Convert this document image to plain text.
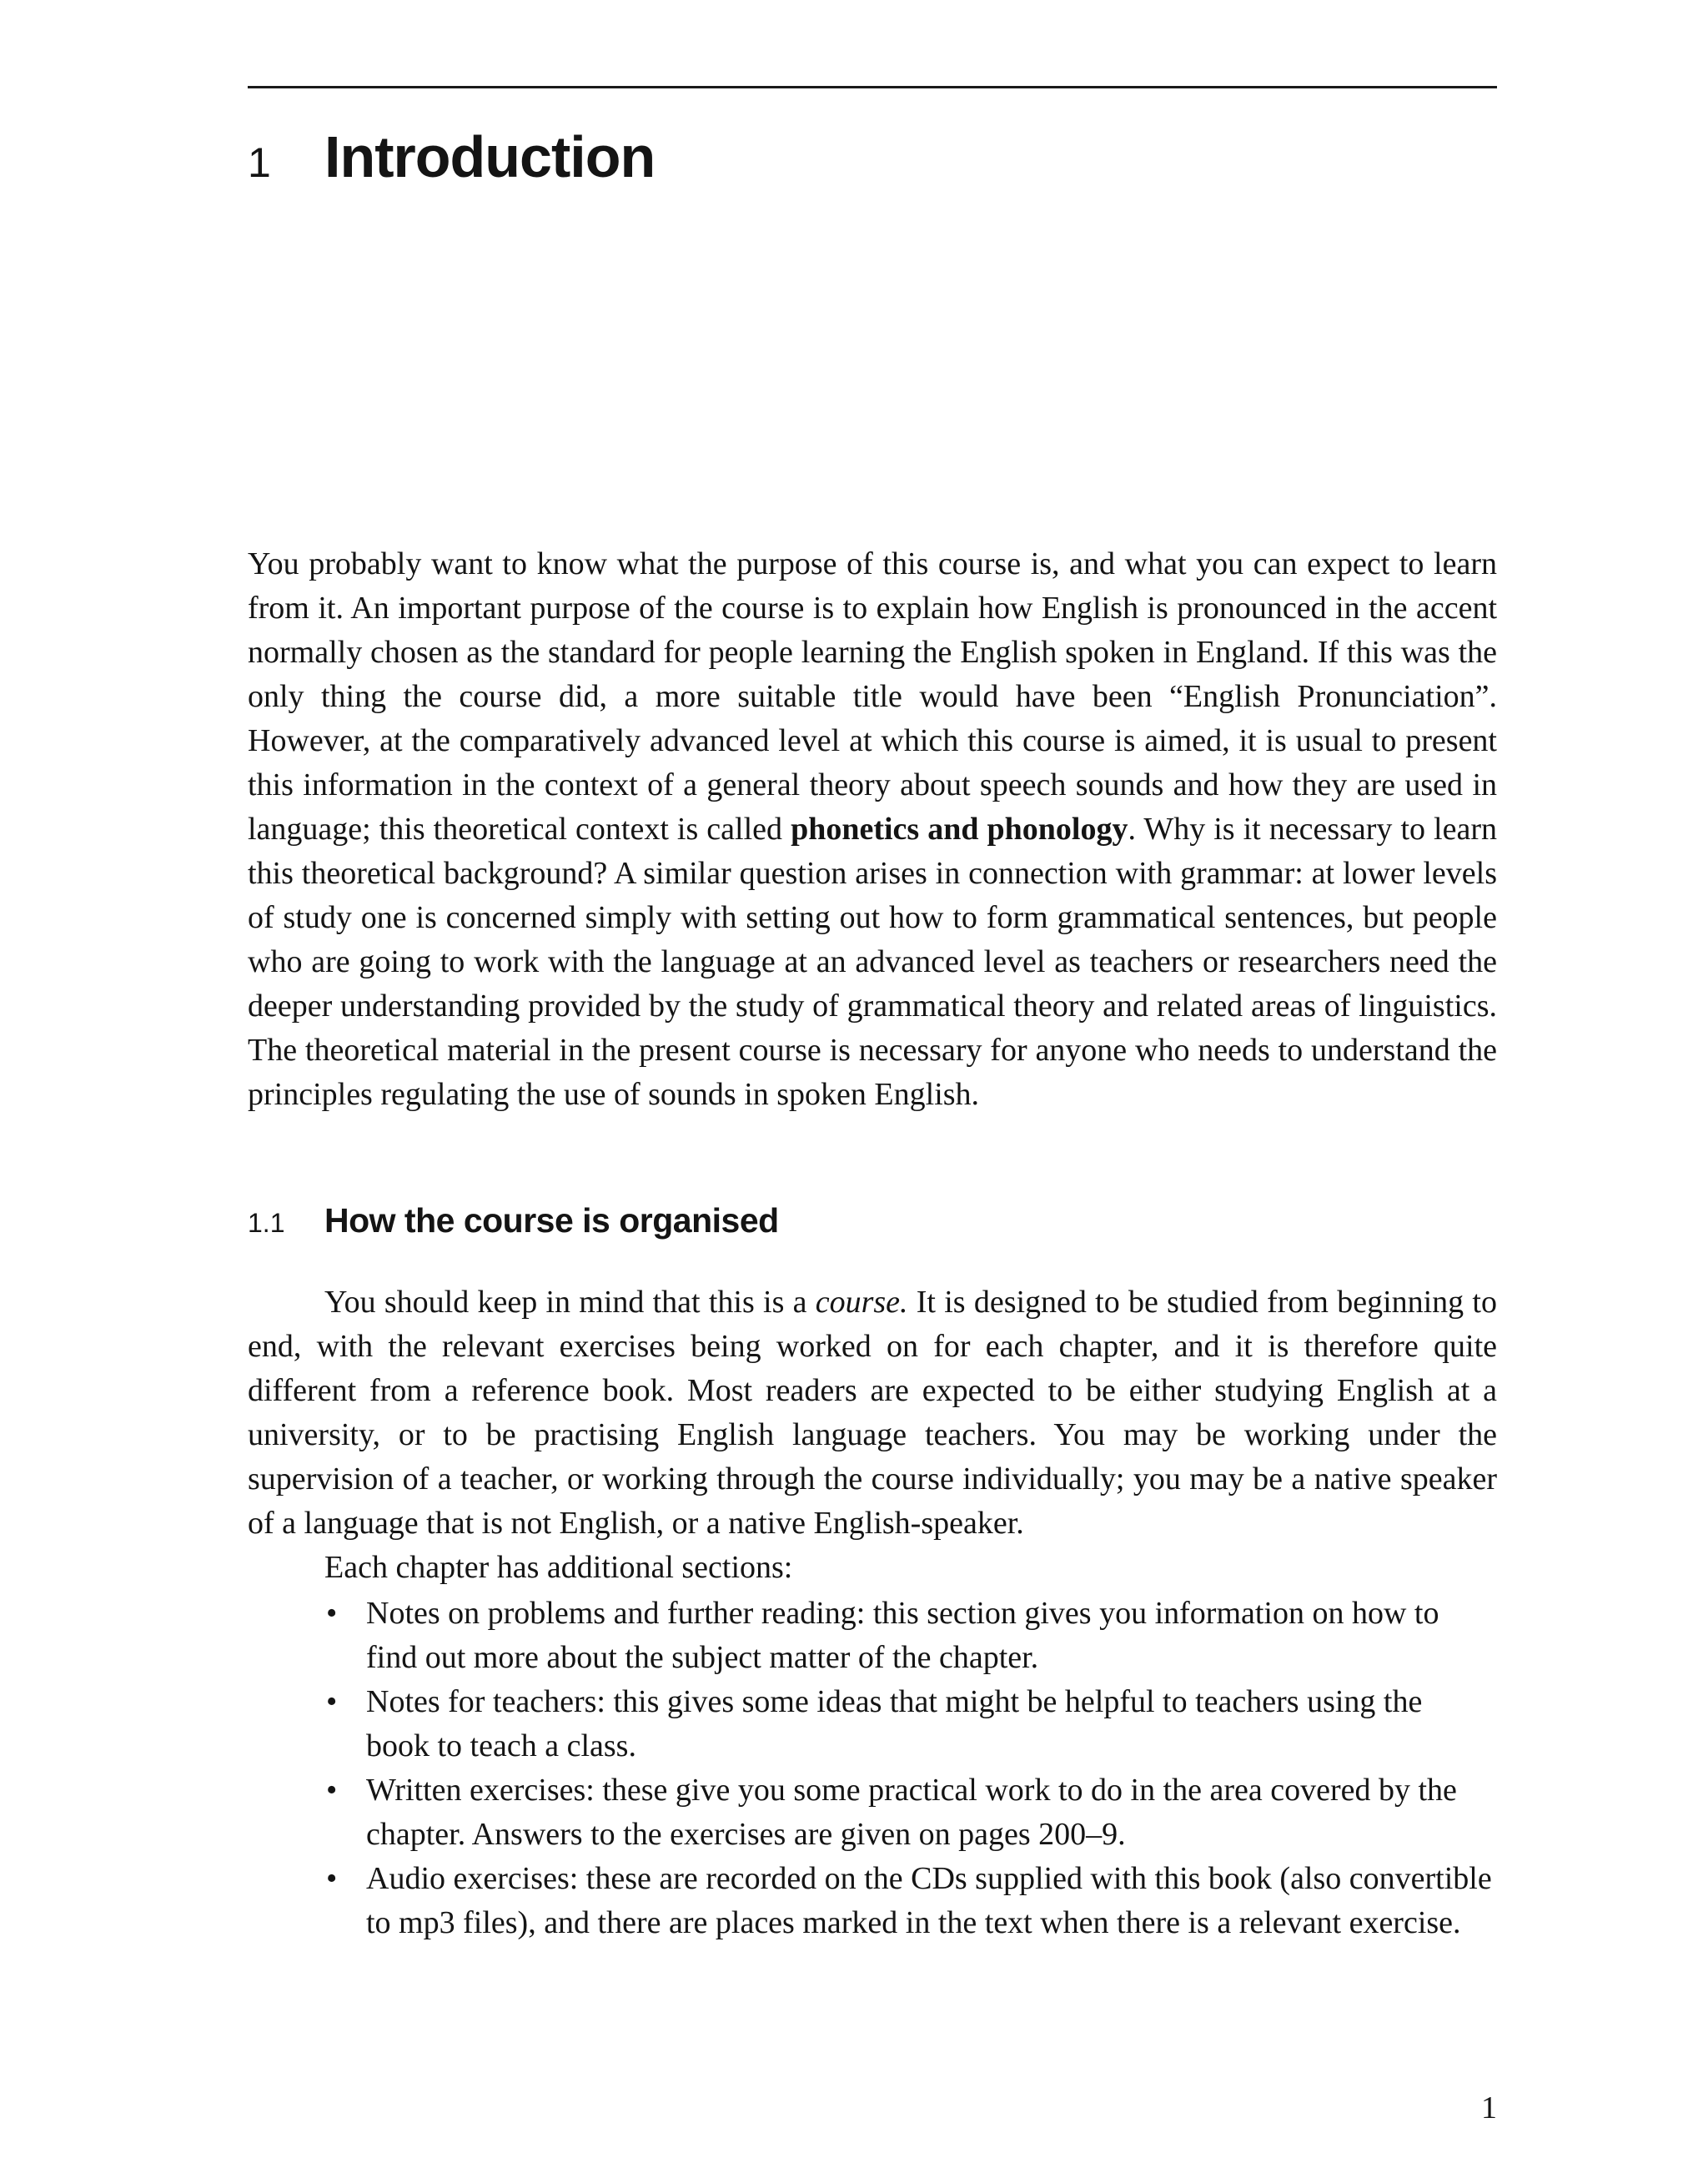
1 Introduction

You probably want to know what the purpose of this course is, and what you can expect to learn from it. An important purpose of the course is to explain how English is pronounced in the accent normally chosen as the standard for people learning the English spoken in England. If this was the only thing the course did, a more suitable title would have been “English Pronunciation”. However, at the comparatively advanced level at which this course is aimed, it is usual to present this information in the context of a general theory about speech sounds and how they are used in language; this theoretical context is called phonetics and phonology. Why is it necessary to learn this theoretical background? A similar question arises in connection with grammar: at lower levels of study one is concerned simply with setting out how to form grammatical sentences, but people who are going to work with the language at an advanced level as teachers or researchers need the deeper understanding provided by the study of grammatical theory and related areas of linguistics. The theoretical material in the present course is necessary for anyone who needs to understand the principles regulating the use of sounds in spoken English.

1.1	How the course is organised

You should keep in mind that this is a course. It is designed to be studied from beginning to end, with the relevant exercises being worked on for each chapter, and it is therefore quite different from a reference book. Most readers are expected to be either studying English at a university, or to be practising English language teachers. You may be working under the supervision of a teacher, or working through the course individually; you may be a native speaker of a language that is not English, or a native English-speaker.

Each chapter has additional sections:

• Notes on problems and further reading: this section gives you information on how to find out more about the subject matter of the chapter.
• Notes for teachers: this gives some ideas that might be helpful to teachers using the book to teach a class.
• Written exercises: these give you some practical work to do in the area covered by the chapter. Answers to the exercises are given on pages 200–9.
• Audio exercises: these are recorded on the CDs supplied with this book (also convertible to mp3 files), and there are places marked in the text when there is a relevant exercise.
1
